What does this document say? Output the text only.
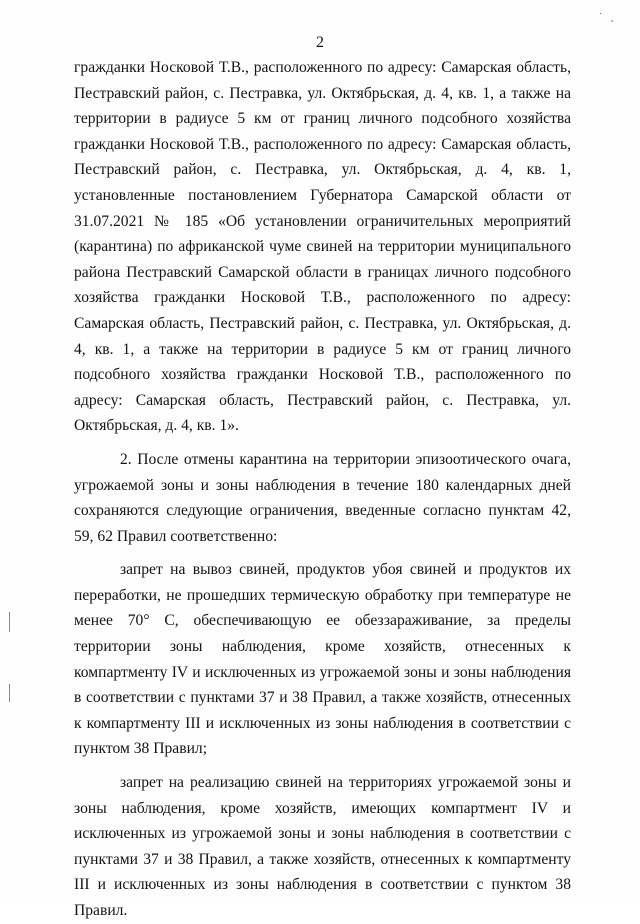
˙ ˛
2

гражданки Носковой Т.В., расположенного по адресу: Самарская область, Пестравский район, с. Пестравка, ул. Октябрьская, д. 4, кв. 1, а также на территории в радиусе 5 км от границ личного подсобного хозяйства гражданки Носковой Т.В., расположенного по адресу: Самарская область, Пестравский район, с. Пестравка, ул. Октябрьская, д. 4, кв. 1, установленные постановлением Губернатора Самарской области от 31.07.2021 № 185 «Об установлении ограничительных мероприятий (карантина) по африканской чуме свиней на территории муниципального района Пестравский Самарской области в границах личного подсобного хозяйства гражданки Носковой Т.В., расположенного по адресу: Самарская область, Пестравский район, с. Пестравка, ул. Октябрьская, д. 4, кв. 1, а также на территории в радиусе 5 км от границ личного подсобного хозяйства гражданки Носковой Т.В., расположенного по адресу: Самарская область, Пестравский район, с. Пестравка, ул. Октябрьская, д. 4, кв. 1».

2. После отмены карантина на территории эпизоотического очага, угрожаемой зоны и зоны наблюдения в течение 180 календарных дней сохраняются следующие ограничения, введенные согласно пунктам 42, 59, 62 Правил соответственно:

запрет на вывоз свиней, продуктов убоя свиней и продуктов их переработки, не прошедших термическую обработку при температуре не менее 70° С, обеспечивающую ее обеззараживание, за пределы территории зоны наблюдения, кроме хозяйств, отнесенных к компартменту IV и исключенных из угрожаемой зоны и зоны наблюдения в соответствии с пунктами 37 и 38 Правил, а также хозяйств, отнесенных к компартменту III и исключенных из зоны наблюдения в соответствии с пунктом 38 Правил;

запрет на реализацию свиней на территориях угрожаемой зоны и зоны наблюдения, кроме хозяйств, имеющих компартмент IV и исключенных из угрожаемой зоны и зоны наблюдения в соответствии с пунктами 37 и 38 Правил, а также хозяйств, отнесенных к компартменту III и исключенных из зоны наблюдения в соответствии с пунктом 38 Правил.
